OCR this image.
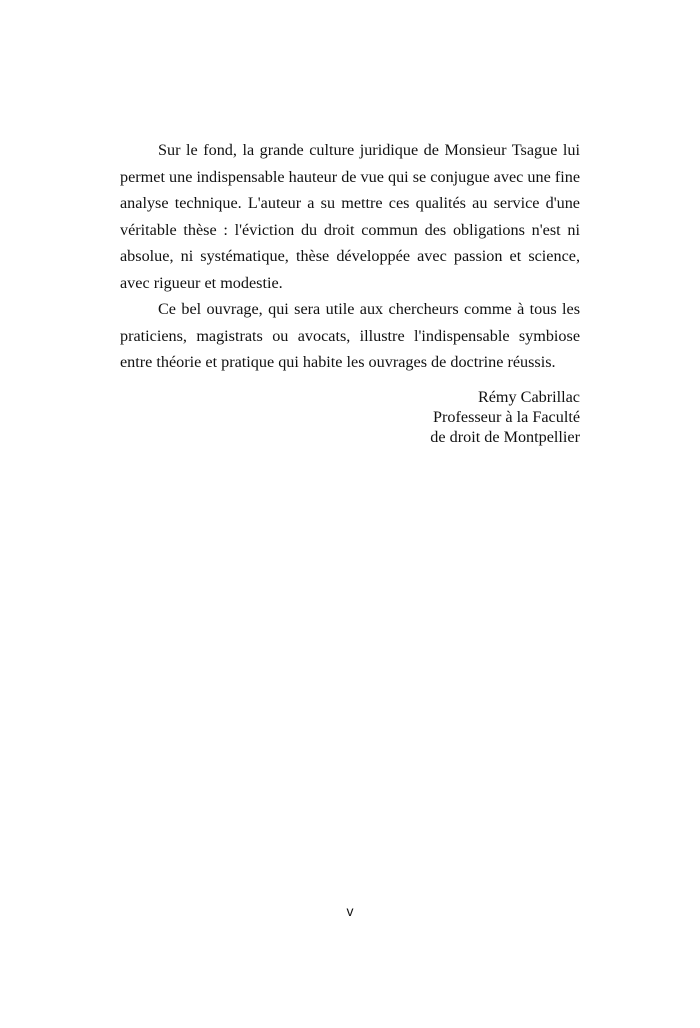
Sur le fond, la grande culture juridique de Monsieur Tsague lui permet une indispensable hauteur de vue qui se conjugue avec une fine analyse technique. L'auteur a su mettre ces qualités au service d'une véritable thèse : l'éviction du droit commun des obligations n'est ni absolue, ni systématique, thèse développée avec passion et science, avec rigueur et modestie.

Ce bel ouvrage, qui sera utile aux chercheurs comme à tous les praticiens, magistrats ou avocats, illustre l'indispensable symbiose entre théorie et pratique qui habite les ouvrages de doctrine réussis.

Rémy Cabrillac
Professeur à la Faculté
de droit de Montpellier
v
